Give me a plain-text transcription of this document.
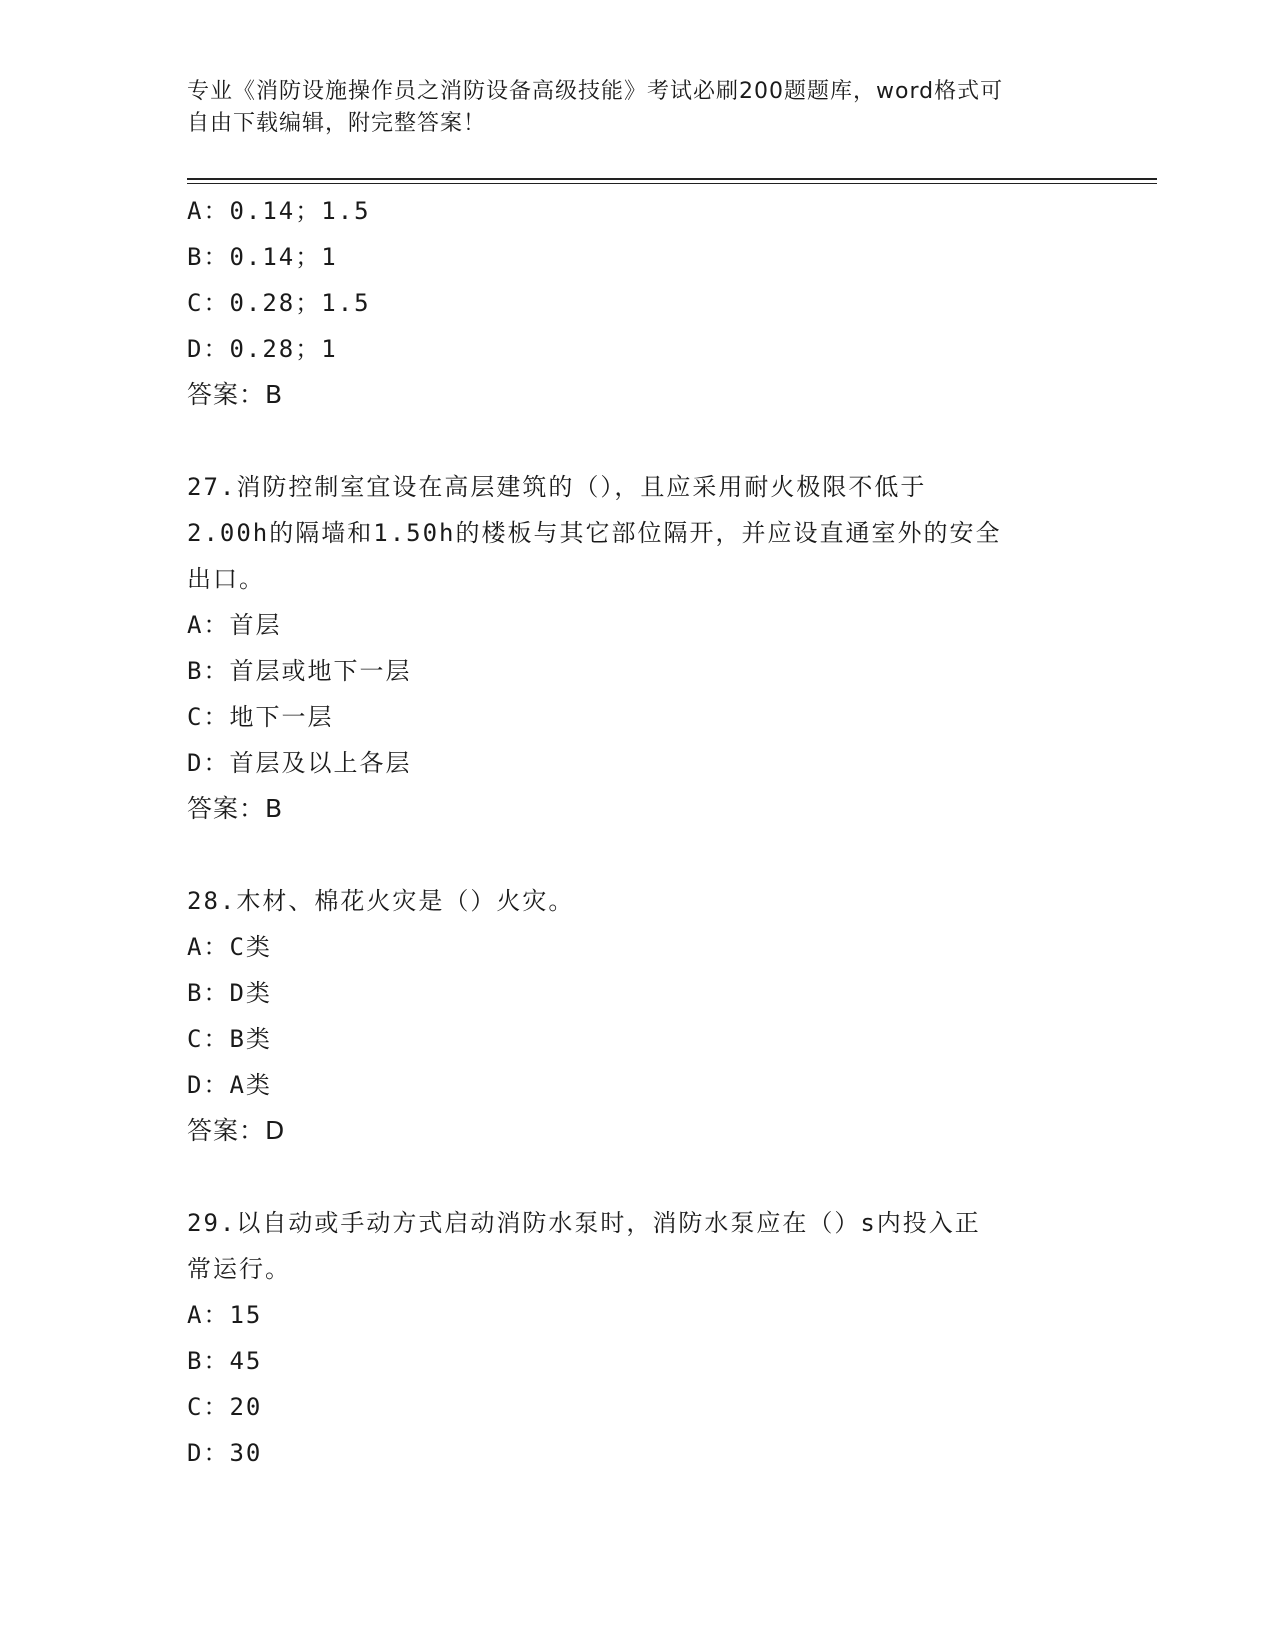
专业《消防设施操作员之消防设备高级技能》考试必刷200题题库，word格式可
自由下载编辑，附完整答案！
A：0.14；1.5
B：0.14；1
C：0.28；1.5
D：0.28；1
答案：B
27.消防控制室宜设在高层建筑的（），且应采用耐火极限不低于
2.00h的隔墙和1.50h的楼板与其它部位隔开，并应设直通室外的安全
出口。
A：首层
B：首层或地下一层
C：地下一层
D：首层及以上各层
答案：B
28.木材、棉花火灾是（）火灾。
A：C类
B：D类
C：B类
D：A类
答案：D
29.以自动或手动方式启动消防水泵时，消防水泵应在（）s内投入正
常运行。
A：15
B：45
C：20
D：30
